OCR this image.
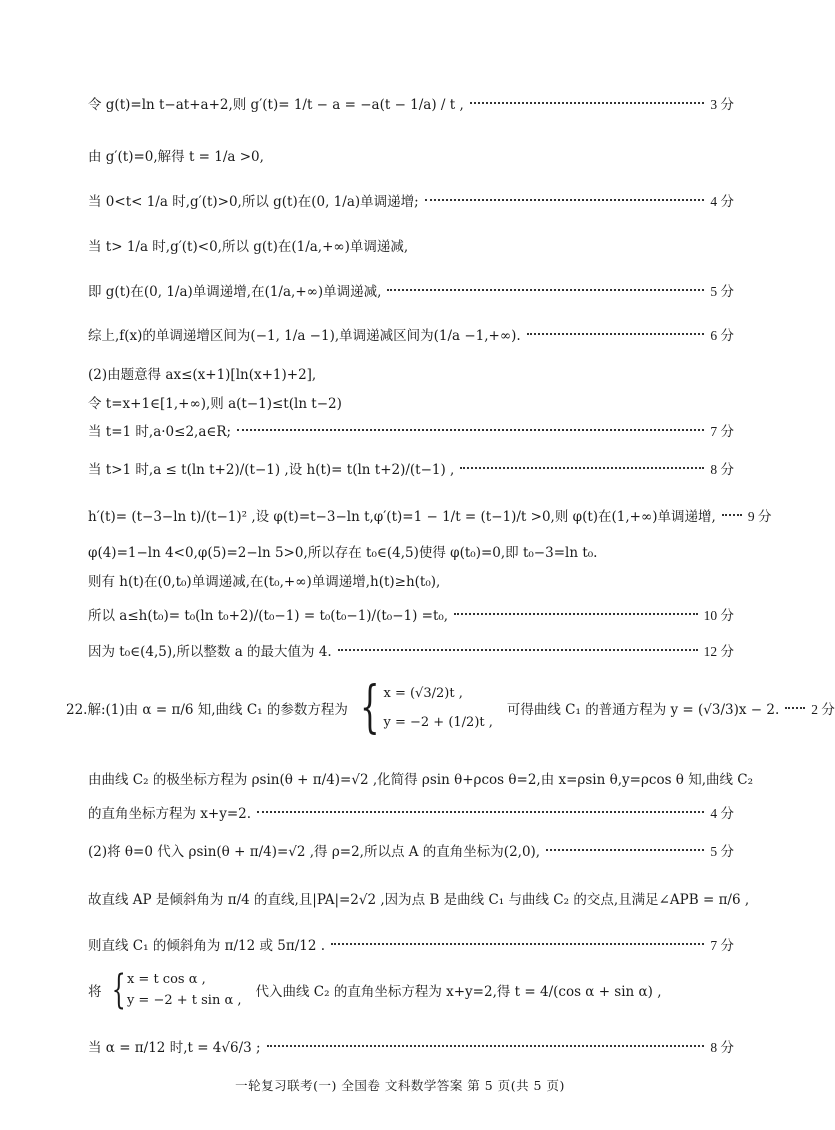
令 g(t)=ln t−at+a+2,则 g′(t)= 1/t − a = −a(t − 1/a) / t ,	3 分
由 g′(t)=0,解得 t = 1/a >0,
当 0<t< 1/a 时,g′(t)>0,所以 g(t)在(0, 1/a)单调递增;	4 分
当 t> 1/a 时,g′(t)<0,所以 g(t)在(1/a,+∞)单调递减,
即 g(t)在(0, 1/a)单调递增,在(1/a,+∞)单调递减,	5 分
综上,f(x)的单调递增区间为(−1, 1/a −1),单调递减区间为(1/a −1,+∞).	6 分
(2)由题意得 ax≤(x+1)[ln(x+1)+2],
令 t=x+1∈[1,+∞),则 a(t−1)≤t(ln t−2)
当 t=1 时,a·0≤2,a∈R;	7 分
当 t>1 时,a ≤ t(ln t+2)/(t−1) ,设 h(t)= t(ln t+2)/(t−1) ,	8 分
h′(t)= (t−3−ln t)/(t−1)² ,设 φ(t)=t−3−ln t,φ′(t)=1 − 1/t = (t−1)/t >0,则 φ(t)在(1,+∞)单调递增, 9 分
φ(4)=1−ln 4<0,φ(5)=2−ln 5>0,所以存在 t₀∈(4,5)使得 φ(t₀)=0,即 t₀−3=ln t₀.
则有 h(t)在(0,t₀)单调递减,在(t₀,+∞)单调递增,h(t)≥h(t₀),
所以 a≤h(t₀)= t₀(ln t₀+2)/(t₀−1) = t₀(t₀−1)/(t₀−1) =t₀,	10 分
因为 t₀∈(4,5),所以整数 a 的最大值为 4.	12 分
22.解:(1)由 α = π/6 知,曲线 C₁ 的参数方程为 { x = (√3/2)t ,
y = −2 + (1/2)t ,
可得曲线 C₁ 的普通方程为 y = (√3/3)x − 2. 2 分
由曲线 C₂ 的极坐标方程为 ρsin(θ + π/4)=√2 ,化简得 ρsin θ+ρcos θ=2,由 x=ρsin θ,y=ρcos θ 知,曲线 C₂
的直角坐标方程为 x+y=2.	4 分
(2)将 θ=0 代入 ρsin(θ + π/4)=√2 ,得 ρ=2,所以点 A 的直角坐标为(2,0),	5 分
故直线 AP 是倾斜角为 π/4 的直线,且|PA|=2√2 ,因为点 B 是曲线 C₁ 与曲线 C₂ 的交点,且满足∠APB = π/6 ,
则直线 C₁ 的倾斜角为 π/12 或 5π/12 .	7 分
将 { x = t cos α ,
y = −2 + t sin α ,
代入曲线 C₂ 的直角坐标方程为 x+y=2,得 t = 4/(cos α + sin α) ,
当 α = π/12 时,t = 4√6/3 ;	8 分
一轮复习联考(一) 全国卷 文科数学答案 第 5 页(共 5 页)
